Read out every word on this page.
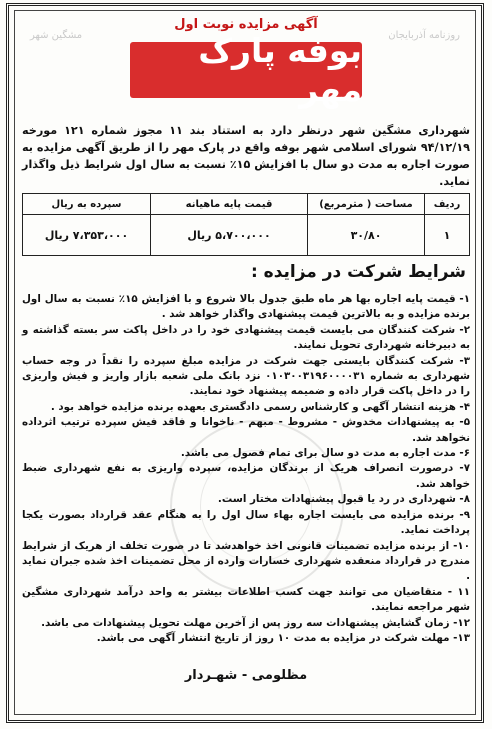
مشگین شهر	روزنامه آذربایجان
آگهی مزایده نوبت اول
بوفه پارک مهر
شهرداری مشگین شهر درنظر دارد به استناد بند ۱۱ مجوز شماره ۱۲۱ مورخه ۹۴/۱۲/۱۹ شورای اسلامی شهر بوفه واقع در پارک مهر را از طریق آگهی مزایده به صورت اجاره به مدت دو سال با افزایش ۱۵٪ نسبت به سال اول شرایط ذیل واگذار نماید.
ردیف	مساحت ( مترمربع)	قیمت پایه ماهیانه	سپرده به ریال
۱	۳۰/۸۰	۵،۷۰۰،۰۰۰ ریال	۷،۳۵۳،۰۰۰ ریال
شرایط شرکت در مزایده :

۱- قیمت پایه اجاره بها هر ماه طبق جدول بالا شروع و با افزایش ۱۵٪ نسبت به سال اول برنده مزایده و به بالاترین قیمت پیشنهادی واگذار خواهد شد .

۲- شرکت کنندگان می بایست قیمت پیشنهادی خود را در داخل پاکت سر بسته گذاشته و به دبیرخانه شهرداری تحویل نمایند.

۳- شرکت کنندگان بایستی جهت شرکت در مزایده مبلغ سپرده را نقداً در وجه حساب شهرداری به شماره ۰۱۰۳۰۰۳۱۹۶۰۰۰۰۳۱ نزد بانک ملی شعبه بازار واریز و فیش واریزی را در داخل پاکت قرار داده و ضمیمه پیشنهاد خود نمایند.

۴- هزینه انتشار آگهی و کارشناس رسمی دادگستری بعهده برنده مزایده خواهد بود .

۵- به پیشنهادات مخدوش - مشروط - مبهم - ناخوانا و فاقد فیش سپرده ترتیب اثرداده نخواهد شد.

۶- مدت اجاره به مدت دو سال برای تمام فصول می باشد.

۷- درصورت انصراف هریک از برندگان مزایده، سپرده واریزی به نفع شهرداری ضبط خواهد شد.

۸- شهرداری در رد یا قبول پیشنهادات مختار است.

۹- برنده مزایده می بایست اجاره بهاء سال اول را به هنگام عقد قرارداد بصورت یکجا پرداخت نماید.

۱۰- از برنده مزایده تضمینات قانونی اخذ خواهدشد تا در صورت تخلف از هریک از شرایط مندرج در قرارداد منعقده شهرداری خسارات وارده از محل تضمینات اخذ شده جبران نماید .

۱۱ - متقاضیان می توانند جهت کسب اطلاعات بیشتر به واحد درآمد شهرداری مشگین شهر مراجعه نمایند.

۱۲- زمان گشایش پیشنهادات سه روز پس از آخرین مهلت تحویل پیشنهادات می باشد.

۱۳- مهلت شرکت در مزایده به مدت ۱۰ روز از تاریخ انتشار آگهی می باشد.

مظلومی - شهـردار
